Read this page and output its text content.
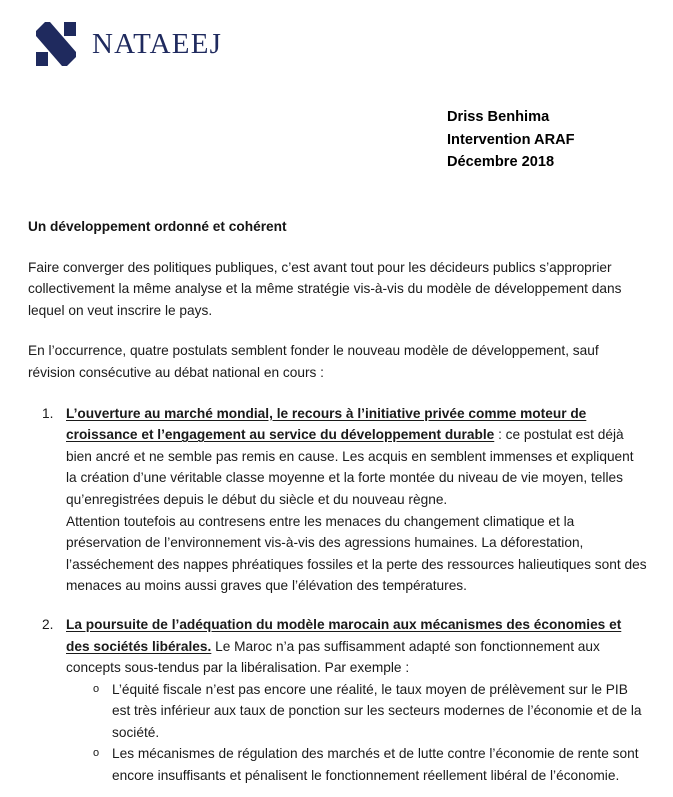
NATAEEJ
Driss Benhima
Intervention ARAF
Décembre 2018
Un développement ordonné et cohérent

Faire converger des politiques publiques, c’est avant tout pour les décideurs publics s’approprier collectivement la même analyse et la même stratégie vis-à-vis du modèle de développement dans lequel on veut inscrire le pays.

En l’occurrence, quatre postulats semblent fonder le nouveau modèle de développement, sauf révision consécutive au débat national en cours :

1. L’ouverture au marché mondial, le recours à l’initiative privée comme moteur de croissance et l’engagement au service du développement durable : ce postulat est déjà bien ancré et ne semble pas remis en cause. Les acquis en semblent immenses et expliquent la création d’une véritable classe moyenne et la forte montée du niveau de vie moyen, telles qu’enregistrées depuis le début du siècle et du nouveau règne.

Attention toutefois au contresens entre les menaces du changement climatique et la préservation de l’environnement vis-à-vis des agressions humaines. La déforestation, l’asséchement des nappes phréatiques fossiles et la perte des ressources halieutiques sont des menaces au moins aussi graves que l’élévation des températures.

2. La poursuite de l’adéquation du modèle marocain aux mécanismes des économies et des sociétés libérales. Le Maroc n’a pas suffisamment adapté son fonctionnement aux concepts sous-tendus par la libéralisation. Par exemple :

o L’équité fiscale n’est pas encore une réalité, le taux moyen de prélèvement sur le PIB est très inférieur aux taux de ponction sur les secteurs modernes de l’économie et de la société.
o Les mécanismes de régulation des marchés et de lutte contre l’économie de rente sont encore insuffisants et pénalisent le fonctionnement réellement libéral de l’économie.
